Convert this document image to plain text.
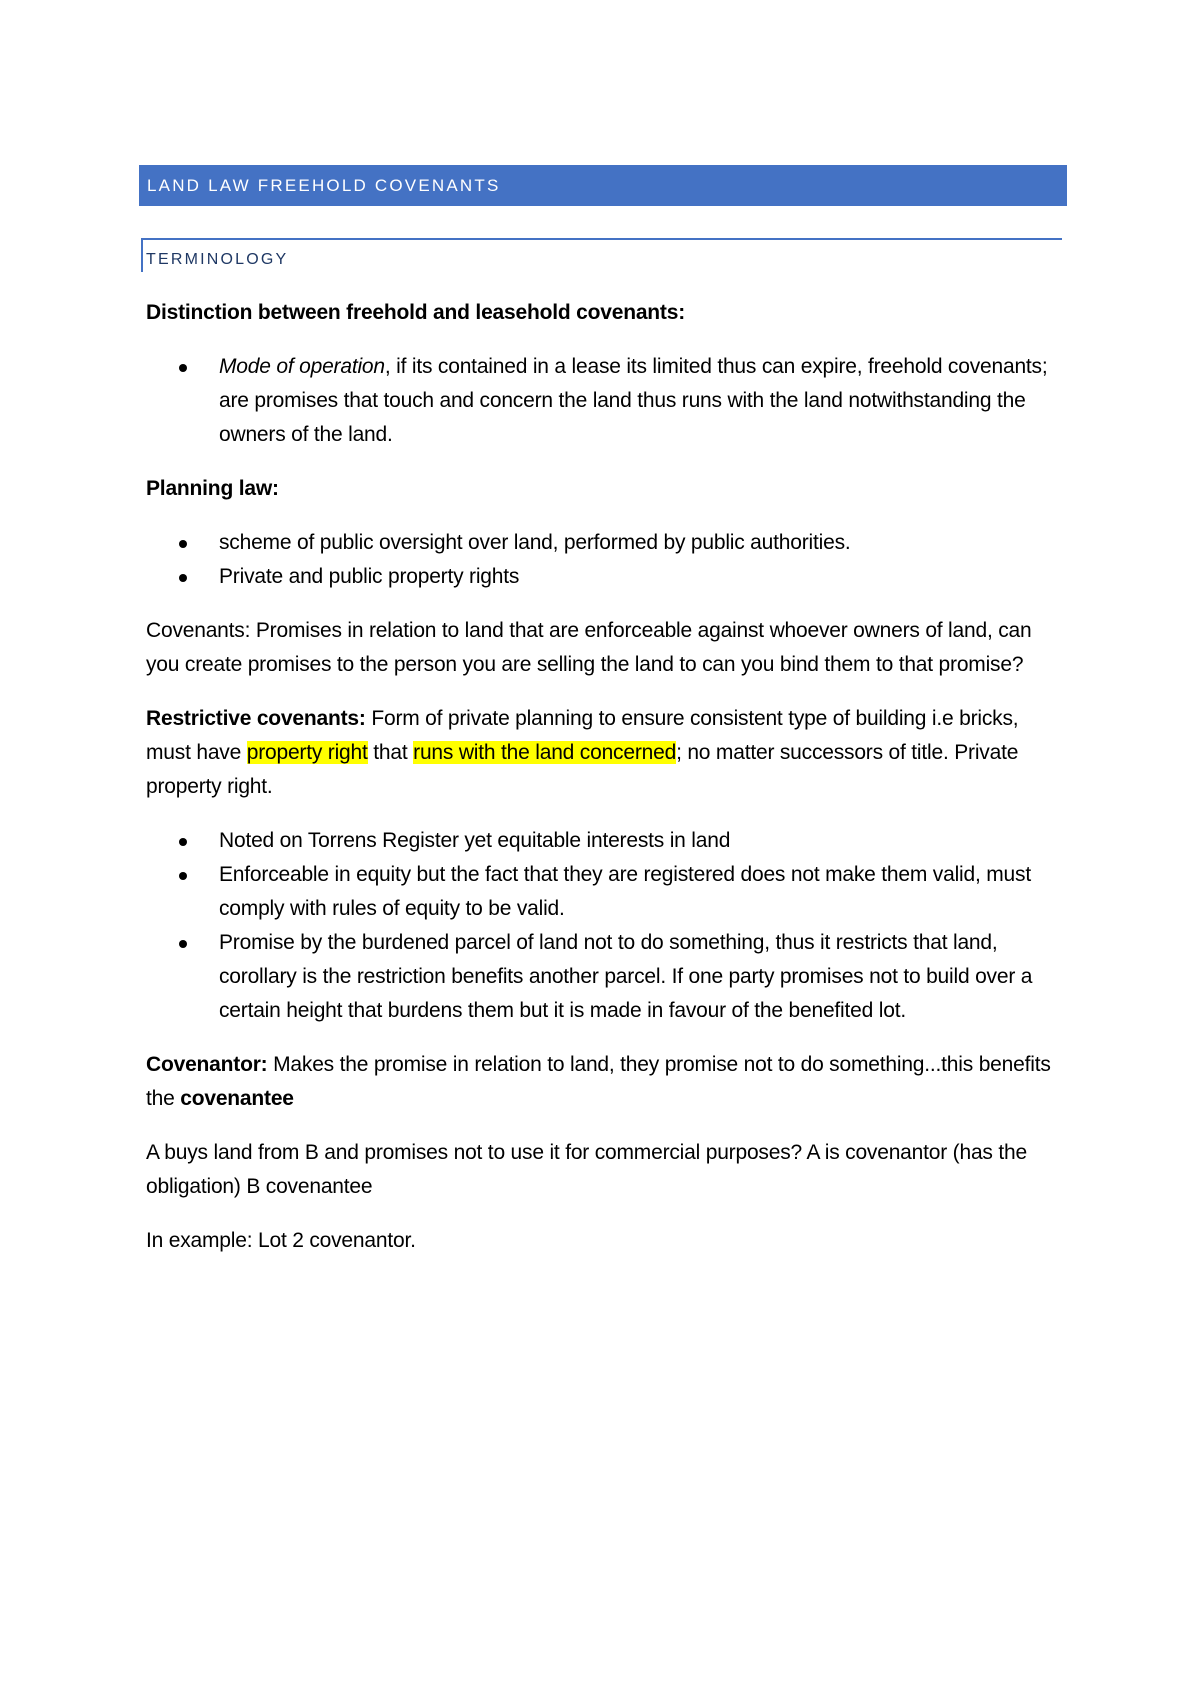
LAND LAW FREEHOLD COVENANTS
TERMINOLOGY

Distinction between freehold and leasehold covenants:

Mode of operation, if its contained in a lease its limited thus can expire, freehold covenants; are promises that touch and concern the land thus runs with the land notwithstanding the owners of the land.

Planning law:

scheme of public oversight over land, performed by public authorities.
Private and public property rights

Covenants: Promises in relation to land that are enforceable against whoever owners of land, can you create promises to the person you are selling the land to can you bind them to that promise?

Restrictive covenants: Form of private planning to ensure consistent type of building i.e bricks, must have property right that runs with the land concerned; no matter successors of title. Private property right.

Noted on Torrens Register yet equitable interests in land
Enforceable in equity but the fact that they are registered does not make them valid, must comply with rules of equity to be valid.
Promise by the burdened parcel of land not to do something, thus it restricts that land, corollary is the restriction benefits another parcel. If one party promises not to build over a certain height that burdens them but it is made in favour of the benefited lot.

Covenantor: Makes the promise in relation to land, they promise not to do something...this benefits the covenantee

A buys land from B and promises not to use it for commercial purposes? A is covenantor (has the obligation) B covenantee

In example: Lot 2 covenantor.
